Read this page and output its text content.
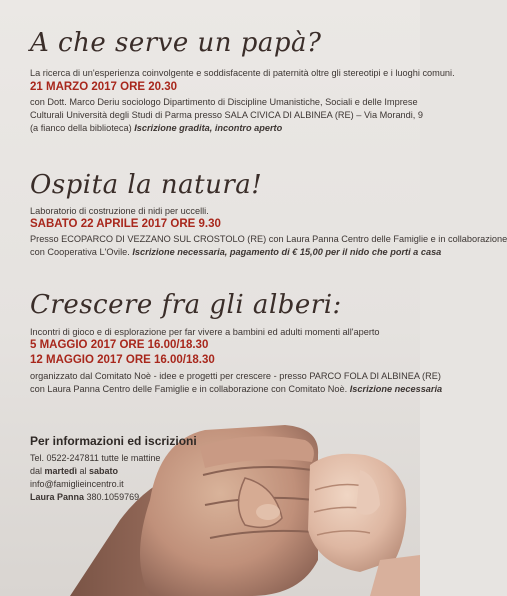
A che serve un papà?
La ricerca di un'esperienza coinvolgente e soddisfacente di paternità oltre gli stereotipi e i luoghi comuni.
21 MARZO 2017 ORE 20.30
con Dott. Marco Deriu sociologo Dipartimento di Discipline Umanistiche, Sociali e delle Imprese
Culturali Università degli Studi di Parma presso SALA CIVICA DI ALBINEA (RE) – Via Morandi, 9
(a fianco della biblioteca) Iscrizione gradita, incontro aperto
Ospita la natura!
Laboratorio di costruzione di nidi per uccelli.
SABATO 22 APRILE 2017 ORE 9.30
Presso ECOPARCO DI VEZZANO SUL CROSTOLO (RE) con Laura Panna Centro delle Famiglie e in collaborazione
con Cooperativa L'Ovile. Iscrizione necessaria, pagamento di € 15,00 per il nido che porti a casa
Crescere fra gli alberi:
Incontri di gioco e di esplorazione per far vivere a bambini ed adulti momenti all'aperto
5 MAGGIO 2017 ORE 16.00/18.30
12 MAGGIO 2017 ORE 16.00/18.30
organizzato dal Comitato Noè - idee e progetti per crescere - presso PARCO FOLA DI ALBINEA (RE)
con Laura Panna Centro delle Famiglie e in collaborazione con Comitato Noè. Iscrizione necessaria
Per informazioni ed iscrizioni
Tel. 0522-247811 tutte le mattine
dal martedì al sabato
info@famiglieincentro.it
Laura Panna 380.1059769
